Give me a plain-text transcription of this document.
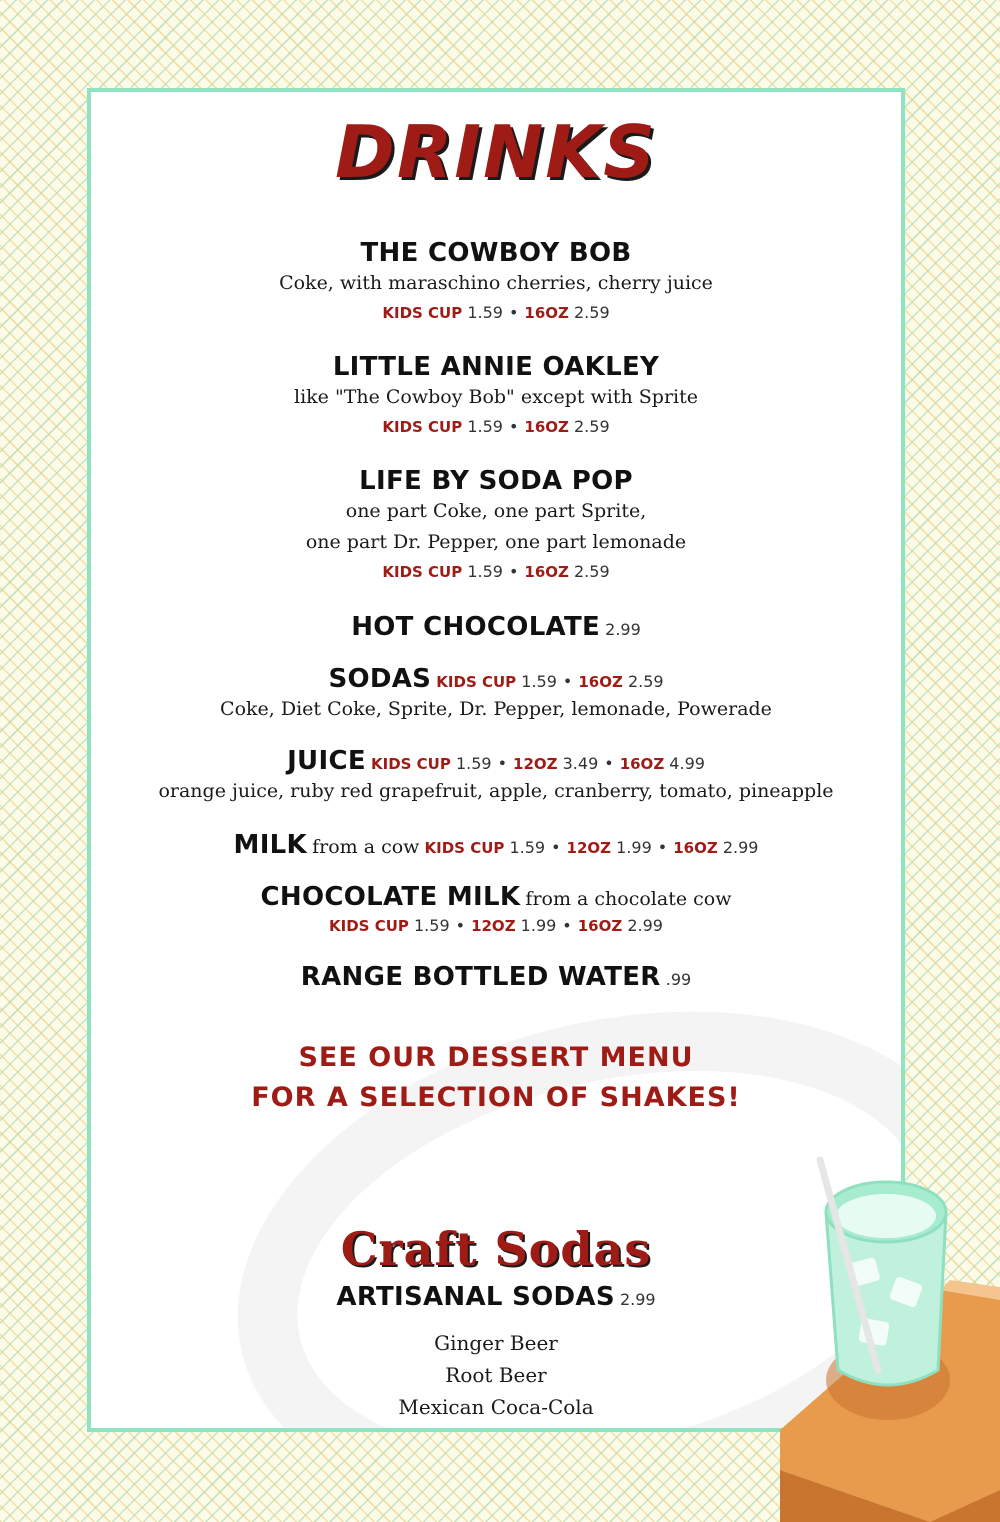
DRINKS
THE COWBOY BOB
Coke, with maraschino cherries, cherry juice
KIDS CUP 1.59 • 16OZ 2.59
LITTLE ANNIE OAKLEY
like "The Cowboy Bob" except with Sprite
KIDS CUP 1.59 • 16OZ 2.59
LIFE BY SODA POP
one part Coke, one part Sprite,
one part Dr. Pepper, one part lemonade
KIDS CUP 1.59 • 16OZ 2.59
HOT CHOCOLATE 2.99
SODAS KIDS CUP 1.59 • 16OZ 2.59
Coke, Diet Coke, Sprite, Dr. Pepper, lemonade, Powerade
JUICE KIDS CUP 1.59 • 12OZ 3.49 • 16OZ 4.99
orange juice, ruby red grapefruit, apple, cranberry, tomato, pineapple
MILK from a cow KIDS CUP 1.59 • 12OZ 1.99 • 16OZ 2.99
CHOCOLATE MILK from a chocolate cow
KIDS CUP 1.59 • 12OZ 1.99 • 16OZ 2.99
RANGE BOTTLED WATER .99
SEE OUR DESSERT MENU
FOR A SELECTION OF SHAKES!
Craft Sodas
ARTISANAL SODAS 2.99
Ginger Beer
Root Beer
Mexican Coca-Cola
